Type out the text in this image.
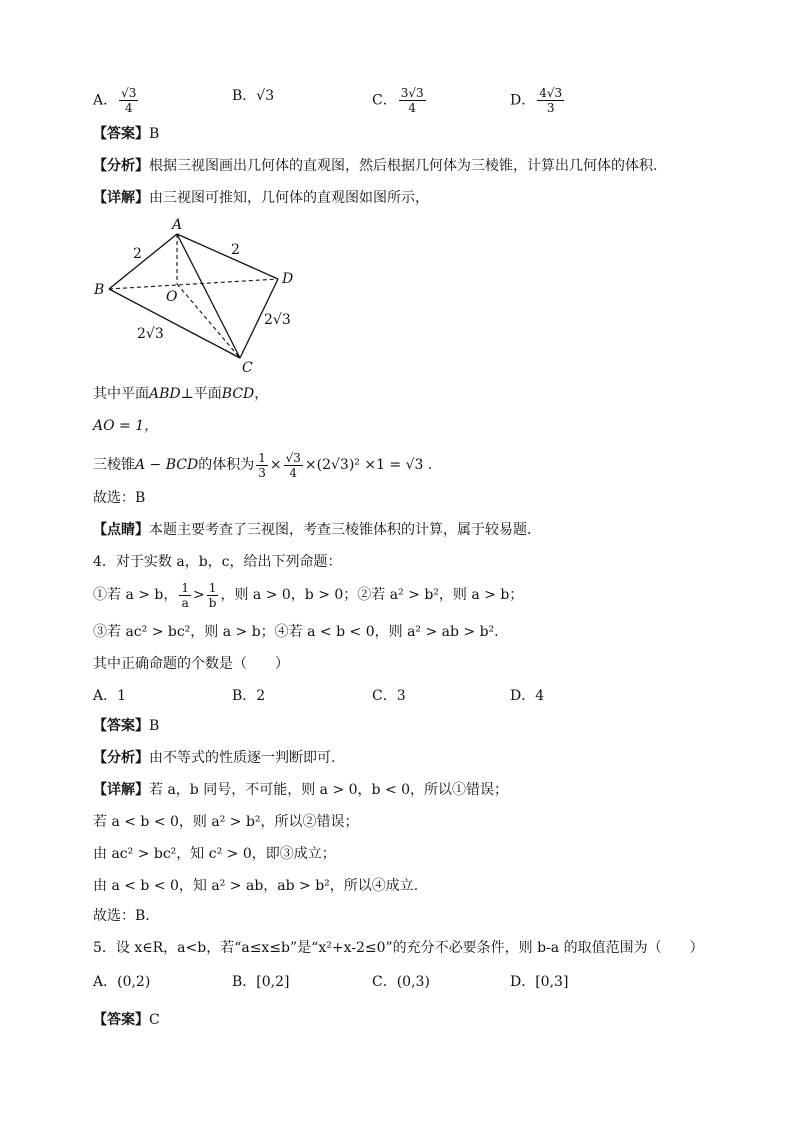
A． $\frac{√3}{4}$	B．√3	C． $\frac{3√3}{4}$	D． $\frac{4√3}{3}$
【答案】B
【分析】根据三视图画出几何体的直观图，然后根据几何体为三棱锥，计算出几何体的体积.
【详解】由三视图可推知，几何体的直观图如图所示，
A
B
C
D
O
2	2
2√3
2√3
其中平面ABD⊥平面BCD，
AO = 1，
三棱锥A − BCD的体积为 $\frac{1}{3} \times \frac{√3}{4} \times(2√3)^2 \times 1 = √3$ .
故选：B
【点睛】本题主要考查了三视图，考查三棱锥体积的计算，属于较易题.
4．对于实数 a，b，c，给出下列命题：
①若 a > b， $\frac{1}{a} > \frac{1}{b}$ ，则 a > 0，b > 0；②若 a² > b²，则 a > b；
③若 ac² > bc²，则 a > b；④若 a < b < 0，则 a² > ab > b².
其中正确命题的个数是（　　）
A．1	B．2	C．3	D．4
【答案】B
【分析】由不等式的性质逐一判断即可.
【详解】若 a，b 同号，不可能，则 a > 0，b < 0，所以①错误；
若 a < b < 0，则 a² > b²，所以②错误；
由 ac² > bc²，知 c² > 0，即③成立；
由 a < b < 0，知 a² > ab，ab > b²，所以④成立.
故选：B.
5．设 x∈R，a<b，若“a≤x≤b”是“x²+x-2≤0”的充分不必要条件，则 b-a 的取值范围为（　　）
A．(0,2)	B．[0,2]	C．(0,3)	D．[0,3]
【答案】C
